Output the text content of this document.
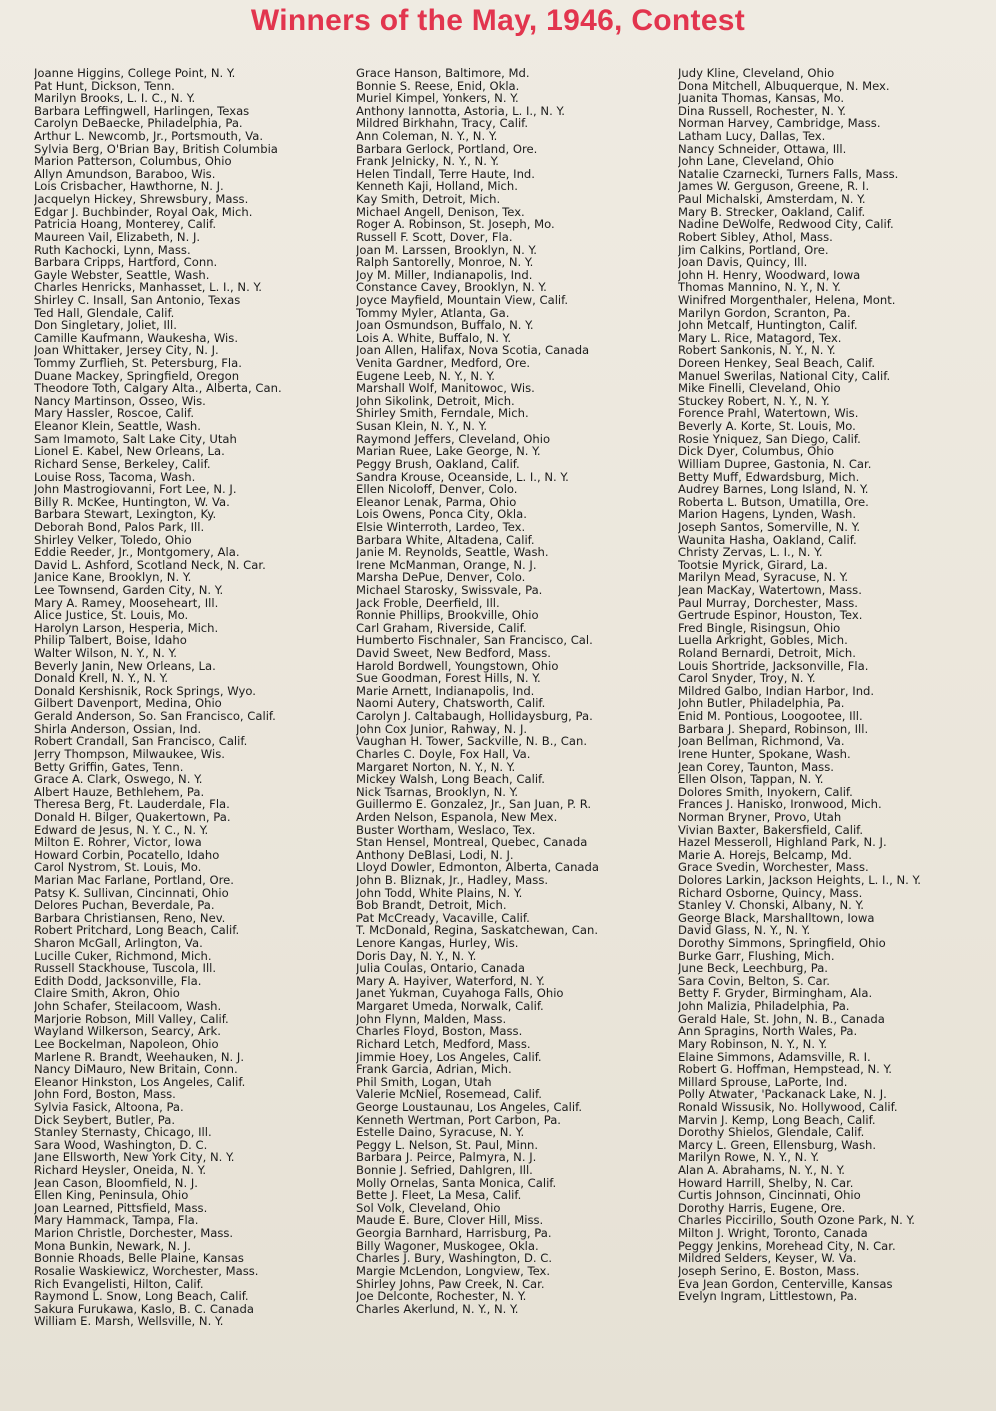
Winners of the May, 1946, Contest
Joanne Higgins, College Point, N. Y.
Pat Hunt, Dickson, Tenn.
Marilyn Brooks, L. I. C., N. Y.
Barbara Leffingwell, Harlingen, Texas
Carolyn DeBaecke, Philadelphia, Pa.
Arthur L. Newcomb, Jr., Portsmouth, Va.
Sylvia Berg, O'Brian Bay, British Columbia
Marion Patterson, Columbus, Ohio
Allyn Amundson, Baraboo, Wis.
Lois Crisbacher, Hawthorne, N. J.
Jacquelyn Hickey, Shrewsbury, Mass.
Edgar J. Buchbinder, Royal Oak, Mich.
Patricia Hoang, Monterey, Calif.
Maureen Vail, Elizabeth, N. J.
Ruth Kachocki, Lynn, Mass.
Barbara Cripps, Hartford, Conn.
Gayle Webster, Seattle, Wash.
Charles Henricks, Manhasset, L. I., N. Y.
Shirley C. Insall, San Antonio, Texas
Ted Hall, Glendale, Calif.
Don Singletary, Joliet, Ill.
Camille Kaufmann, Waukesha, Wis.
Joan Whittaker, Jersey City, N. J.
Tommy Zurflieh, St. Petersburg, Fla.
Duane Mackey, Springfield, Oregon
Theodore Toth, Calgary Alta., Alberta, Can.
Nancy Martinson, Osseo, Wis.
Mary Hassler, Roscoe, Calif.
Eleanor Klein, Seattle, Wash.
Sam Imamoto, Salt Lake City, Utah
Lionel E. Kabel, New Orleans, La.
Richard Sense, Berkeley, Calif.
Louise Ross, Tacoma, Wash.
John Mastrogiovanni, Fort Lee, N. J.
Billy R. McKee, Huntington, W. Va.
Barbara Stewart, Lexington, Ky.
Deborah Bond, Palos Park, Ill.
Shirley Velker, Toledo, Ohio
Eddie Reeder, Jr., Montgomery, Ala.
David L. Ashford, Scotland Neck, N. Car.
Janice Kane, Brooklyn, N. Y.
Lee Townsend, Garden City, N. Y.
Mary A. Ramey, Mooseheart, Ill.
Alice Justice, St. Louis, Mo.
Harolyn Larson, Hesperia, Mich.
Philip Talbert, Boise, Idaho
Walter Wilson, N. Y., N. Y.
Beverly Janin, New Orleans, La.
Donald Krell, N. Y., N. Y.
Donald Kershisnik, Rock Springs, Wyo.
Gilbert Davenport, Medina, Ohio
Gerald Anderson, So. San Francisco, Calif.
Shirla Anderson, Ossian, Ind.
Robert Crandall, San Francisco, Calif.
Jerry Thompson, Milwaukee, Wis.
Betty Griffin, Gates, Tenn.
Grace A. Clark, Oswego, N. Y.
Albert Hauze, Bethlehem, Pa.
Theresa Berg, Ft. Lauderdale, Fla.
Donald H. Bilger, Quakertown, Pa.
Edward de Jesus, N. Y. C., N. Y.
Milton E. Rohrer, Victor, Iowa
Howard Corbin, Pocatello, Idaho
Carol Nystrom, St. Louis, Mo.
Marian Mac Farlane, Portland, Ore.
Patsy K. Sullivan, Cincinnati, Ohio
Delores Puchan, Beverdale, Pa.
Barbara Christiansen, Reno, Nev.
Robert Pritchard, Long Beach, Calif.
Sharon McGall, Arlington, Va.
Lucille Cuker, Richmond, Mich.
Russell Stackhouse, Tuscola, Ill.
Edith Dodd, Jacksonville, Fla.
Claire Smith, Akron, Ohio
John Schafer, Steilacoom, Wash.
Marjorie Robson, Mill Valley, Calif.
Wayland Wilkerson, Searcy, Ark.
Lee Bockelman, Napoleon, Ohio
Marlene R. Brandt, Weehauken, N. J.
Nancy DiMauro, New Britain, Conn.
Eleanor Hinkston, Los Angeles, Calif.
John Ford, Boston, Mass.
Sylvia Fasick, Altoona, Pa.
Dick Seybert, Butler, Pa.
Stanley Sternasty, Chicago, Ill.
Sara Wood, Washington, D. C.
Jane Ellsworth, New York City, N. Y.
Richard Heysler, Oneida, N. Y.
Jean Cason, Bloomfield, N. J.
Ellen King, Peninsula, Ohio
Joan Learned, Pittsfield, Mass.
Mary Hammack, Tampa, Fla.
Marion Christle, Dorchester, Mass.
Mona Bunkin, Newark, N. J.
Bonnie Rhoads, Belle Plaine, Kansas
Rosalie Waskiewicz, Worchester, Mass.
Rich Evangelisti, Hilton, Calif.
Raymond L. Snow, Long Beach, Calif.
Sakura Furukawa, Kaslo, B. C. Canada
William E. Marsh, Wellsville, N. Y.
Grace Hanson, Baltimore, Md.
Bonnie S. Reese, Enid, Okla.
Muriel Kimpel, Yonkers, N. Y.
Anthony Iannotta, Astoria, L. I., N. Y.
Mildred Birkhahn, Tracy, Calif.
Ann Coleman, N. Y., N. Y.
Barbara Gerlock, Portland, Ore.
Frank Jelnicky, N. Y., N. Y.
Helen Tindall, Terre Haute, Ind.
Kenneth Kaji, Holland, Mich.
Kay Smith, Detroit, Mich.
Michael Angell, Denison, Tex.
Roger A. Robinson, St. Joseph, Mo.
Russell F. Scott, Dover, Fla.
Joan M. Larssen, Brooklyn, N. Y.
Ralph Santorelly, Monroe, N. Y.
Joy M. Miller, Indianapolis, Ind.
Constance Cavey, Brooklyn, N. Y.
Joyce Mayfield, Mountain View, Calif.
Tommy Myler, Atlanta, Ga.
Joan Osmundson, Buffalo, N. Y.
Lois A. White, Buffalo, N. Y.
Joan Allen, Halifax, Nova Scotia, Canada
Venita Gardner, Medford, Ore.
Eugene Leeb, N. Y., N. Y.
Marshall Wolf, Manitowoc, Wis.
John Sikolink, Detroit, Mich.
Shirley Smith, Ferndale, Mich.
Susan Klein, N. Y., N. Y.
Raymond Jeffers, Cleveland, Ohio
Marian Ruee, Lake George, N. Y.
Peggy Brush, Oakland, Calif.
Sandra Krouse, Oceanside, L. I., N. Y.
Ellen Nicoloff, Denver, Colo.
Eleanor Lenak, Parma, Ohio
Lois Owens, Ponca City, Okla.
Elsie Winterroth, Lardeo, Tex.
Barbara White, Altadena, Calif.
Janie M. Reynolds, Seattle, Wash.
Irene McManman, Orange, N. J.
Marsha DePue, Denver, Colo.
Michael Starosky, Swissvale, Pa.
Jack Froble, Deerfield, Ill.
Ronnie Phillips, Brookville, Ohio
Carl Graham, Riverside, Calif.
Humberto Fischnaler, San Francisco, Cal.
David Sweet, New Bedford, Mass.
Harold Bordwell, Youngstown, Ohio
Sue Goodman, Forest Hills, N. Y.
Marie Arnett, Indianapolis, Ind.
Naomi Autery, Chatsworth, Calif.
Carolyn J. Caltabaugh, Hollidaysburg, Pa.
John Cox Junior, Rahway, N. J.
Vaughan H. Tower, Sackville, N. B., Can.
Charles C. Doyle, Fox Hall, Va.
Margaret Norton, N. Y., N. Y.
Mickey Walsh, Long Beach, Calif.
Nick Tsarnas, Brooklyn, N. Y.
Guillermo E. Gonzalez, Jr., San Juan, P. R.
Arden Nelson, Espanola, New Mex.
Buster Wortham, Weslaco, Tex.
Stan Hensel, Montreal, Quebec, Canada
Anthony DeBlasi, Lodi, N. J.
Lloyd Dowler, Edmonton, Alberta, Canada
John B. Bliznak, Jr., Hadley, Mass.
John Todd, White Plains, N. Y.
Bob Brandt, Detroit, Mich.
Pat McCready, Vacaville, Calif.
T. McDonald, Regina, Saskatchewan, Can.
Lenore Kangas, Hurley, Wis.
Doris Day, N. Y., N. Y.
Julia Coulas, Ontario, Canada
Mary A. Hayiver, Waterford, N. Y.
Janet Yukman, Cuyahoga Falls, Ohio
Margaret Umeda, Norwalk, Calif.
John Flynn, Malden, Mass.
Charles Floyd, Boston, Mass.
Richard Letch, Medford, Mass.
Jimmie Hoey, Los Angeles, Calif.
Frank Garcia, Adrian, Mich.
Phil Smith, Logan, Utah
Valerie McNiel, Rosemead, Calif.
George Loustaunau, Los Angeles, Calif.
Kenneth Wertman, Port Carbon, Pa.
Estelle Daino, Syracuse, N. Y.
Peggy L. Nelson, St. Paul, Minn.
Barbara J. Peirce, Palmyra, N. J.
Bonnie J. Sefried, Dahlgren, Ill.
Molly Ornelas, Santa Monica, Calif.
Bette J. Fleet, La Mesa, Calif.
Sol Volk, Cleveland, Ohio
Maude E. Bure, Clover Hill, Miss.
Georgia Barnhard, Harrisburg, Pa.
Billy Wagoner, Muskogee, Okla.
Charles J. Bury, Washington, D. C.
Margie McLendon, Longview, Tex.
Shirley Johns, Paw Creek, N. Car.
Joe Delconte, Rochester, N. Y.
Charles Akerlund, N. Y., N. Y.
Judy Kline, Cleveland, Ohio
Dona Mitchell, Albuquerque, N. Mex.
Juanita Thomas, Kansas, Mo.
Dina Russell, Rochester, N. Y.
Norman Harvey, Cambridge, Mass.
Latham Lucy, Dallas, Tex.
Nancy Schneider, Ottawa, Ill.
John Lane, Cleveland, Ohio
Natalie Czarnecki, Turners Falls, Mass.
James W. Gerguson, Greene, R. I.
Paul Michalski, Amsterdam, N. Y.
Mary B. Strecker, Oakland, Calif.
Nadine DeWolfe, Redwood City, Calif.
Robert Sibley, Athol, Mass.
Jim Calkins, Portland, Ore.
Joan Davis, Quincy, Ill.
John H. Henry, Woodward, Iowa
Thomas Mannino, N. Y., N. Y.
Winifred Morgenthaler, Helena, Mont.
Marilyn Gordon, Scranton, Pa.
John Metcalf, Huntington, Calif.
Mary L. Rice, Matagord, Tex.
Robert Sankonis, N. Y., N. Y.
Doreen Henkey, Seal Beach, Calif.
Manuel Swerilas, National City, Calif.
Mike Finelli, Cleveland, Ohio
Stuckey Robert, N. Y., N. Y.
Forence Prahl, Watertown, Wis.
Beverly A. Korte, St. Louis, Mo.
Rosie Yniquez, San Diego, Calif.
Dick Dyer, Columbus, Ohio
William Dupree, Gastonia, N. Car.
Betty Muff, Edwardsburg, Mich.
Audrey Barnes, Long Island, N. Y.
Roberta L. Butson, Umatilla, Ore.
Marion Hagens, Lynden, Wash.
Joseph Santos, Somerville, N. Y.
Waunita Hasha, Oakland, Calif.
Christy Zervas, L. I., N. Y.
Tootsie Myrick, Girard, La.
Marilyn Mead, Syracuse, N. Y.
Jean MacKay, Watertown, Mass.
Paul Murray, Dorchester, Mass.
Gertrude Espinor, Houston, Tex.
Fred Bingle, Risingsun, Ohio
Luella Arkright, Gobles, Mich.
Roland Bernardi, Detroit, Mich.
Louis Shortride, Jacksonville, Fla.
Carol Snyder, Troy, N. Y.
Mildred Galbo, Indian Harbor, Ind.
John Butler, Philadelphia, Pa.
Enid M. Pontious, Loogootee, Ill.
Barbara J. Shepard, Robinson, Ill.
Joan Bellman, Richmond, Va.
Irene Hunter, Spokane, Wash.
Jean Corey, Taunton, Mass.
Ellen Olson, Tappan, N. Y.
Dolores Smith, Inyokern, Calif.
Frances J. Hanisko, Ironwood, Mich.
Norman Bryner, Provo, Utah
Vivian Baxter, Bakersfield, Calif.
Hazel Messeroll, Highland Park, N. J.
Marie A. Horejs, Belcamp, Md.
Grace Svedin, Worchester, Mass.
Dolores Larkin, Jackson Heights, L. I., N. Y.
Richard Osborne, Quincy, Mass.
Stanley V. Chonski, Albany, N. Y.
George Black, Marshalltown, Iowa
David Glass, N. Y., N. Y.
Dorothy Simmons, Springfield, Ohio
Burke Garr, Flushing, Mich.
June Beck, Leechburg, Pa.
Sara Covin, Belton, S. Car.
Betty F. Gryder, Birmingham, Ala.
John Malizia, Philadelphia, Pa.
Gerald Hale, St. John, N. B., Canada
Ann Spragins, North Wales, Pa.
Mary Robinson, N. Y., N. Y.
Elaine Simmons, Adamsville, R. I.
Robert G. Hoffman, Hempstead, N. Y.
Millard Sprouse, LaPorte, Ind.
Polly Atwater, 'Packanack Lake, N. J.
Ronald Wissusik, No. Hollywood, Calif.
Marvin J. Kemp, Long Beach, Calif.
Dorothy Shielos, Glendale, Calif.
Marcy L. Green, Ellensburg, Wash.
Marilyn Rowe, N. Y., N. Y.
Alan A. Abrahams, N. Y., N. Y.
Howard Harrill, Shelby, N. Car.
Curtis Johnson, Cincinnati, Ohio
Dorothy Harris, Eugene, Ore.
Charles Piccirillo, South Ozone Park, N. Y.
Milton J. Wright, Toronto, Canada
Peggy Jenkins, Morehead City, N. Car.
Mildred Selders, Keyser, W. Va.
Joseph Serino, E. Boston, Mass.
Eva Jean Gordon, Centerville, Kansas
Evelyn Ingram, Littlestown, Pa.
